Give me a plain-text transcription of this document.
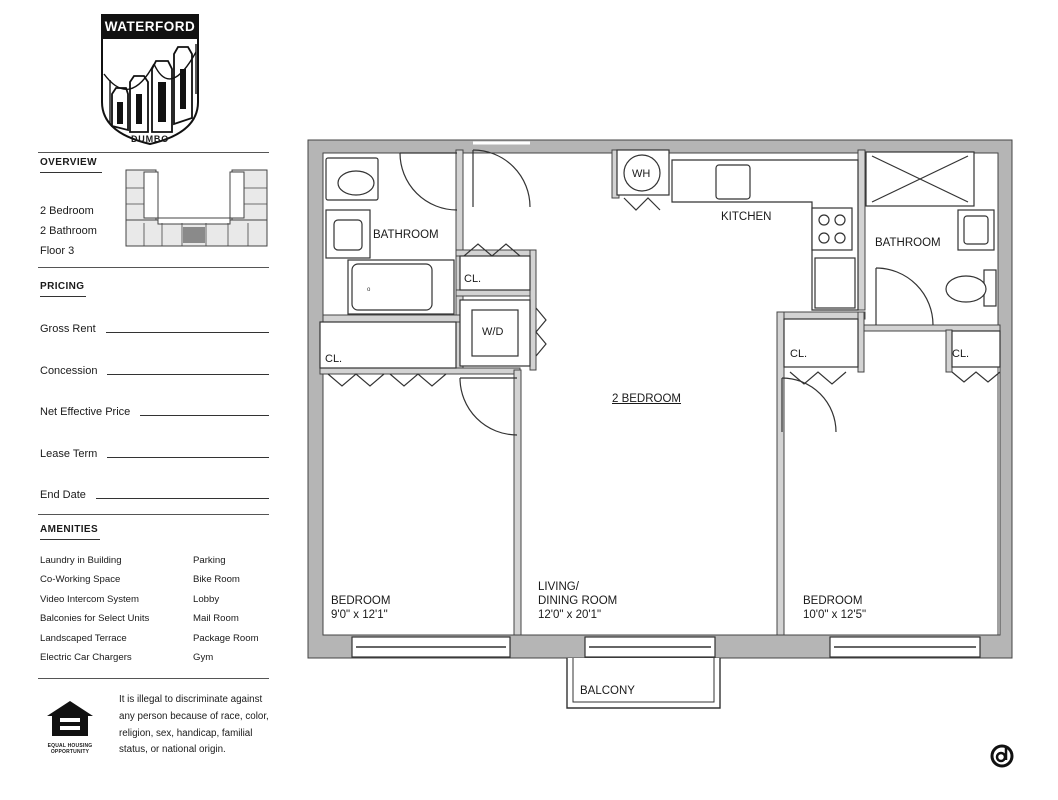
WATERFORD
DUMBO
OVERVIEW
2 Bedroom
2 Bathroom
Floor 3
PRICING
Gross Rent
Concession
Net Effective Price
Lease Term
End Date
AMENITIES
Laundry in Building
Co-Working Space
Video Intercom System
Balconies for Select Units
Landscaped Terrace
Electric Car Chargers
Parking
Bike Room
Lobby
Mail Room
Package Room
Gym
EQUAL HOUSING
OPPORTUNITY
It is illegal to discriminate against any person because of race, color, religion, sex, handicap, familial status, or national origin.
o
BATHROOM
KITCHEN
BATHROOM
WH
W/D
CL.
CL.	CL.	CL.
2 BEDROOM
BEDROOM
9'0" x 12'1"
LIVING/
DINING ROOM
12'0" x 20'1"
BEDROOM
10'0" x 12'5"
BALCONY
